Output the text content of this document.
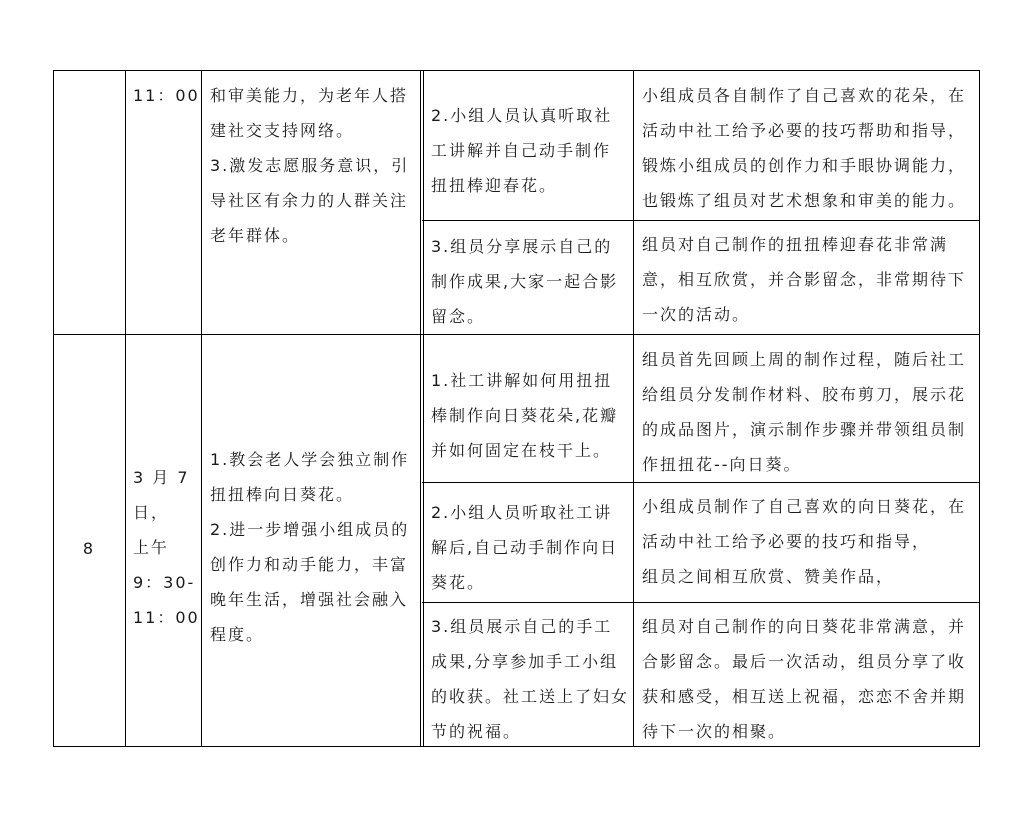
11：00 和审美能力，为老年人搭
建社交支持网络。
3.激发志愿服务意识，引
导社区有余力的人群关注
老年群体。
2.小组人员认真听取社
工讲解并自己动手制作
扭扭棒迎春花。
小组成员各自制作了自己喜欢的花朵，在
活动中社工给予必要的技巧帮助和指导，
锻炼小组成员的创作力和手眼协调能力，
也锻炼了组员对艺术想象和审美的能力。
3.组员分享展示自己的
制作成果,大家一起合影
留念。
组员对自己制作的扭扭棒迎春花非常满
意，相互欣赏，并合影留念，非常期待下
一次的活动。
8
3 月 7
日，
上午
9：30-
11：00
1.教会老人学会独立制作
扭扭棒向日葵花。
2.进一步增强小组成员的
创作力和动手能力，丰富
晚年生活，增强社会融入
程度。
1.社工讲解如何用扭扭
棒制作向日葵花朵,花瓣
并如何固定在枝干上。
组员首先回顾上周的制作过程，随后社工
给组员分发制作材料、胶布剪刀，展示花
的成品图片，演示制作步骤并带领组员制
作扭扭花--向日葵。
2.小组人员听取社工讲
解后,自己动手制作向日
葵花。
小组成员制作了自己喜欢的向日葵花，在
活动中社工给予必要的技巧和指导，
组员之间相互欣赏、赞美作品，
3.组员展示自己的手工
成果,分享参加手工小组
的收获。社工送上了妇女
节的祝福。
组员对自己制作的向日葵花非常满意，并
合影留念。最后一次活动，组员分享了收
获和感受，相互送上祝福，恋恋不舍并期
待下一次的相聚。
